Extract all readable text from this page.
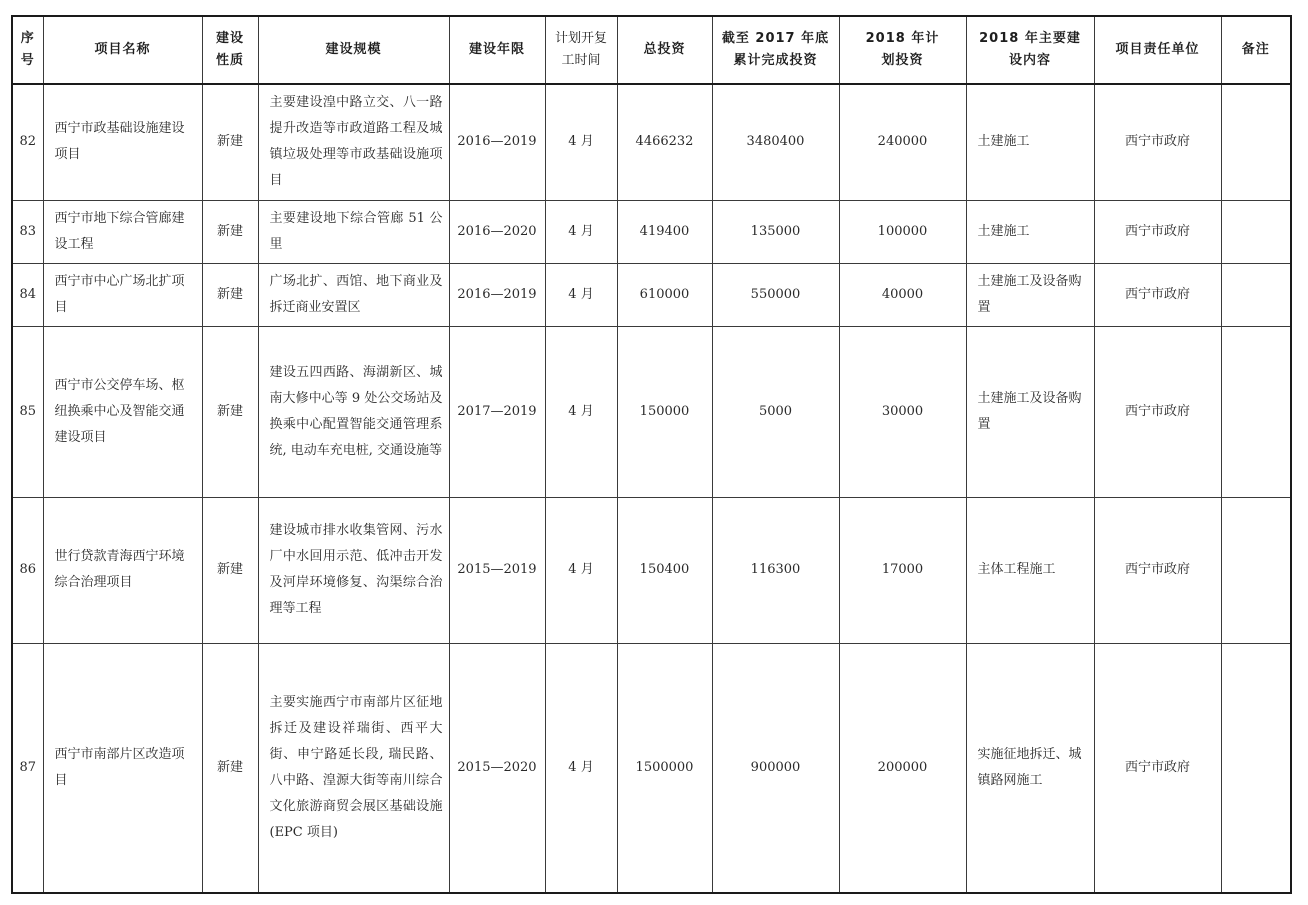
序号	项目名称	建设性质	建设规模	建设年限	计划开复工时间	总投资	截至 2017 年底累计完成投资	2018 年计划投资	2018 年主要建设内容	项目责任单位	备注
82	西宁市政基础设施建设项目	新建	主要建设湟中路立交、八一路提升改造等市政道路工程及城镇垃圾处理等市政基础设施项目	2016—2019	4 月	4466232	3480400	240000	土建施工	西宁市政府	
83	西宁市地下综合管廊建设工程	新建	主要建设地下综合管廊 51 公里	2016—2020	4 月	419400	135000	100000	土建施工	西宁市政府	
84	西宁市中心广场北扩项目	新建	广场北扩、西馆、地下商业及拆迁商业安置区	2016—2019	4 月	610000	550000	40000	土建施工及设备购置	西宁市政府	
85	西宁市公交停车场、枢纽换乘中心及智能交通建设项目	新建	建设五四西路、海湖新区、城南大修中心等 9 处公交场站及换乘中心配置智能交通管理系统, 电动车充电桩, 交通设施等	2017—2019	4 月	150000	5000	30000	土建施工及设备购置	西宁市政府	
86	世行贷款青海西宁环境综合治理项目	新建	建设城市排水收集管网、污水厂中水回用示范、低冲击开发及河岸环境修复、沟渠综合治理等工程	2015—2019	4 月	150400	116300	17000	主体工程施工	西宁市政府	
87	西宁市南部片区改造项目	新建	主要实施西宁市南部片区征地拆迁及建设祥瑞街、西平大街、申宁路延长段, 瑞民路、八中路、湟源大街等南川综合文化旅游商贸会展区基础设施 (EPC 项目)	2015—2020	4 月	1500000	900000	200000	实施征地拆迁、城镇路网施工	西宁市政府	
